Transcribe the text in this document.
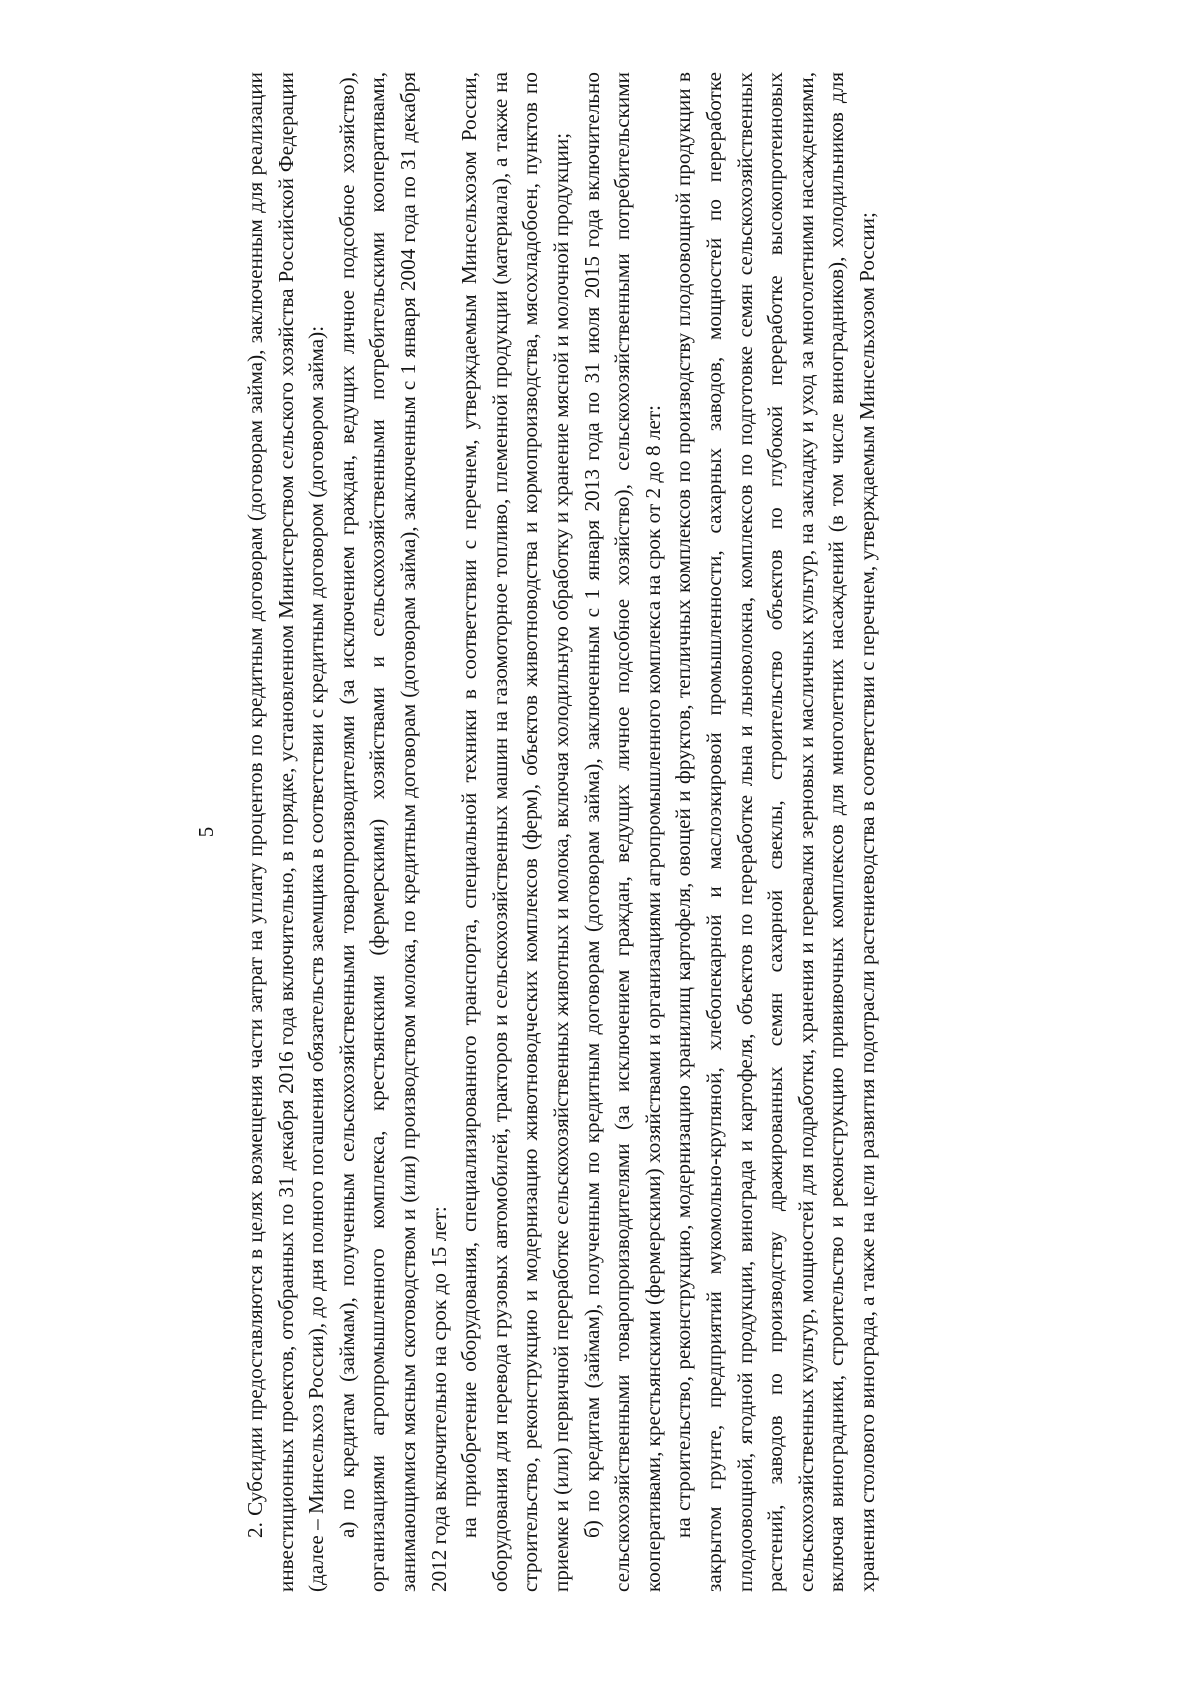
5 2. Субсидии предоставляются в целях возмещения части затрат на уплату процентов по кредитным договорам (договорам займа), заключенным для реализации инвестиционных проектов, отобранных по 31 декабря 2016 года включительно, в порядке, установленном Министерством сельского хозяйства Российской Федерации (далее – Минсельхоз России), до дня полного погашения обязательств заемщика в соответствии с кредитным договором (договором займа): а) по кредитам (займам), полученным сельскохозяйственными товаропроизводителями (за исключением граждан, ведущих личное подсобное хозяйство), организациями агропромышленного комплекса, крестьянскими (фермерскими) хозяйствами и сельскохозяйственными потребительскими кооперативами, занимающимися мясным скотоводством и (или) производством молока, по кредитным договорам (договорам займа), заключенным с 1 января 2004 года по 31 декабря 2012 года включительно на срок до 15 лет: на приобретение оборудования, специализированного транспорта, специальной техники в соответствии с перечнем, утверждаемым Минсельхозом России, оборудования для перевода грузовых автомобилей, тракторов и сельскохозяйственных машин на газомоторное топливо, племенной продукции (материала), а также на строительство, реконструкцию и модернизацию животноводческих комплексов (ферм), объектов животноводства и кормопроизводства, мясохладобоен, пунктов по приемке и (или) первичной переработке сельскохозяйственных животных и молока, включая холодильную обработку и хранение мясной и молочной продукции; б) по кредитам (займам), полученным по кредитным договорам (договорам займа), заключенным с 1 января 2013 года по 31 июля 2015 года включительно сельскохозяйственными товаропроизводителями (за исключением граждан, ведущих личное подсобное хозяйство), сельскохозяйственными потребительскими кооперативами, крестьянскими (фермерскими) хозяйствами и организациями агропромышленного комплекса на срок от 2 до 8 лет: на строительство, реконструкцию, модернизацию хранилищ картофеля, овощей и фруктов, тепличных комплексов по производству плодоовощной продукции в закрытом грунте, предприятий мукомольно-крупяной, хлебопекарной и маслоэкировой промышленности, сахарных заводов, мощностей по переработке плодоовощной, ягодной продукции, винограда и картофеля, объектов по переработке льна и льноволокна, комплексов по подготовке семян сельскохозяйственных растений, заводов по производству дражированных семян сахарной свеклы, строительство объектов по глубокой переработке высокопротеиновых сельскохозяйственных культур, мощностей для подработки, хранения и перевалки зерновых и масличных культур, на закладку и уход за многолетними насаждениями, включая виноградники, строительство и реконструкцию прививочных комплексов для многолетних насаждений (в том числе виноградников), холодильников для хранения столового винограда, а также на цели развития подотрасли растениеводства в соответствии с перечнем, утверждаемым Минсельхозом России;
